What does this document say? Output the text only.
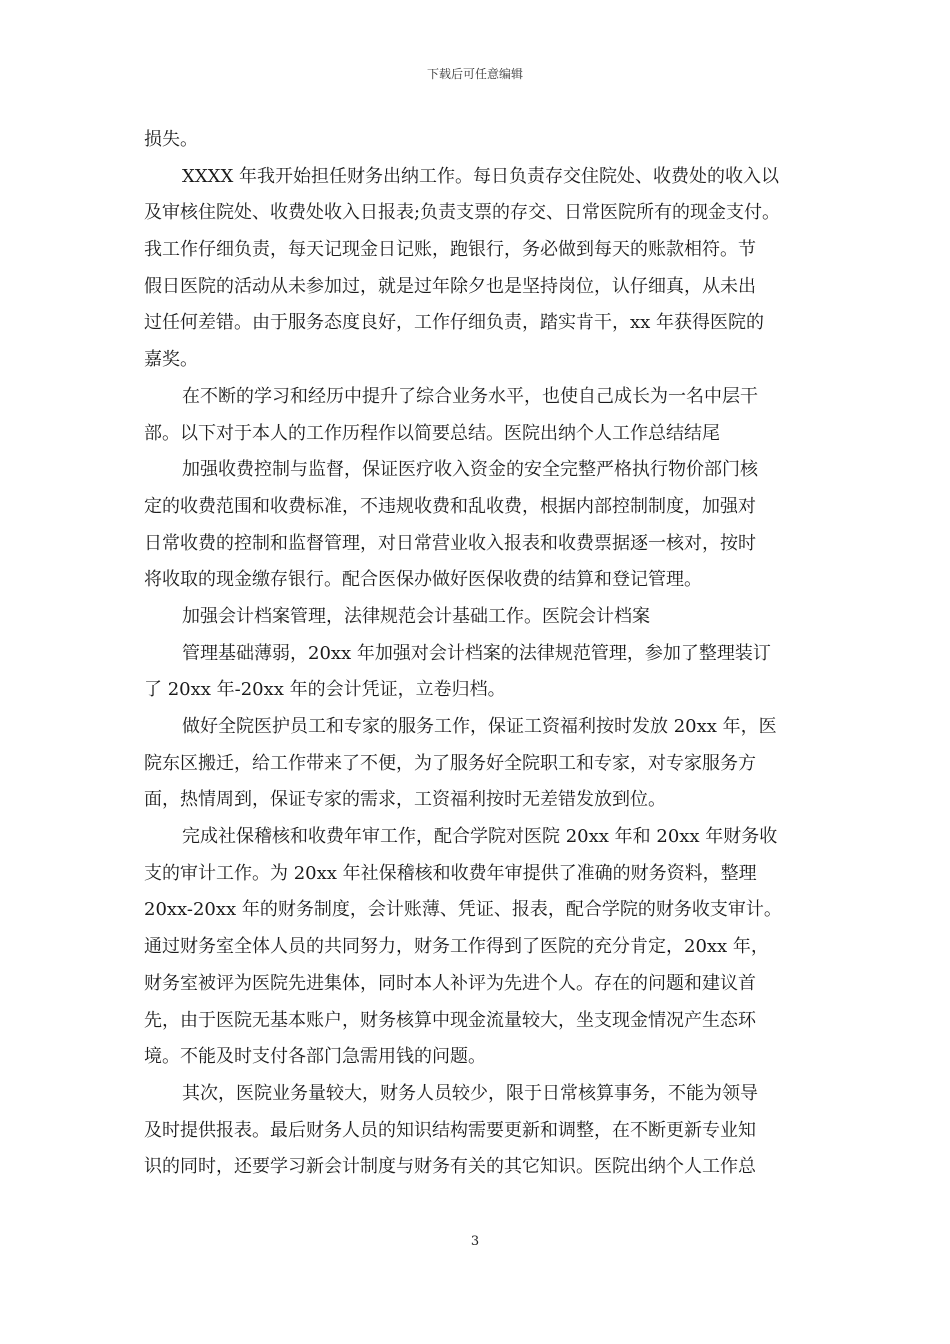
下载后可任意编辑
损失。
XXXX 年我开始担任财务出纳工作。每日负责存交住院处、收费处的收入以
及审核住院处、收费处收入日报表;负责支票的存交、日常医院所有的现金支付。
我工作仔细负责，每天记现金日记账，跑银行，务必做到每天的账款相符。节
假日医院的活动从未参加过，就是过年除夕也是坚持岗位，认仔细真，从未出
过任何差错。由于服务态度良好，工作仔细负责，踏实肯干，xx 年获得医院的
嘉奖。
在不断的学习和经历中提升了综合业务水平，也使自己成长为一名中层干
部。以下对于本人的工作历程作以简要总结。医院出纳个人工作总结结尾
加强收费控制与监督，保证医疗收入资金的安全完整严格执行物价部门核
定的收费范围和收费标准，不违规收费和乱收费，根据内部控制制度，加强对
日常收费的控制和监督管理，对日常营业收入报表和收费票据逐一核对，按时
将收取的现金缴存银行。配合医保办做好医保收费的结算和登记管理。
加强会计档案管理，法律规范会计基础工作。医院会计档案
管理基础薄弱，20xx 年加强对会计档案的法律规范管理，参加了整理装订
了 20xx 年-20xx 年的会计凭证，立卷归档。
做好全院医护员工和专家的服务工作，保证工资福利按时发放 20xx 年，医
院东区搬迁，给工作带来了不便，为了服务好全院职工和专家，对专家服务方
面，热情周到，保证专家的需求，工资福利按时无差错发放到位。
完成社保稽核和收费年审工作，配合学院对医院 20xx 年和 20xx 年财务收
支的审计工作。为 20xx 年社保稽核和收费年审提供了准确的财务资料，整理
20xx-20xx 年的财务制度，会计账薄、凭证、报表，配合学院的财务收支审计。
通过财务室全体人员的共同努力，财务工作得到了医院的充分肯定，20xx 年，
财务室被评为医院先进集体，同时本人补评为先进个人。存在的问题和建议首
先，由于医院无基本账户，财务核算中现金流量较大，坐支现金情况产生态环
境。不能及时支付各部门急需用钱的问题。
其次，医院业务量较大，财务人员较少，限于日常核算事务，不能为领导
及时提供报表。最后财务人员的知识结构需要更新和调整，在不断更新专业知
识的同时，还要学习新会计制度与财务有关的其它知识。医院出纳个人工作总
3
